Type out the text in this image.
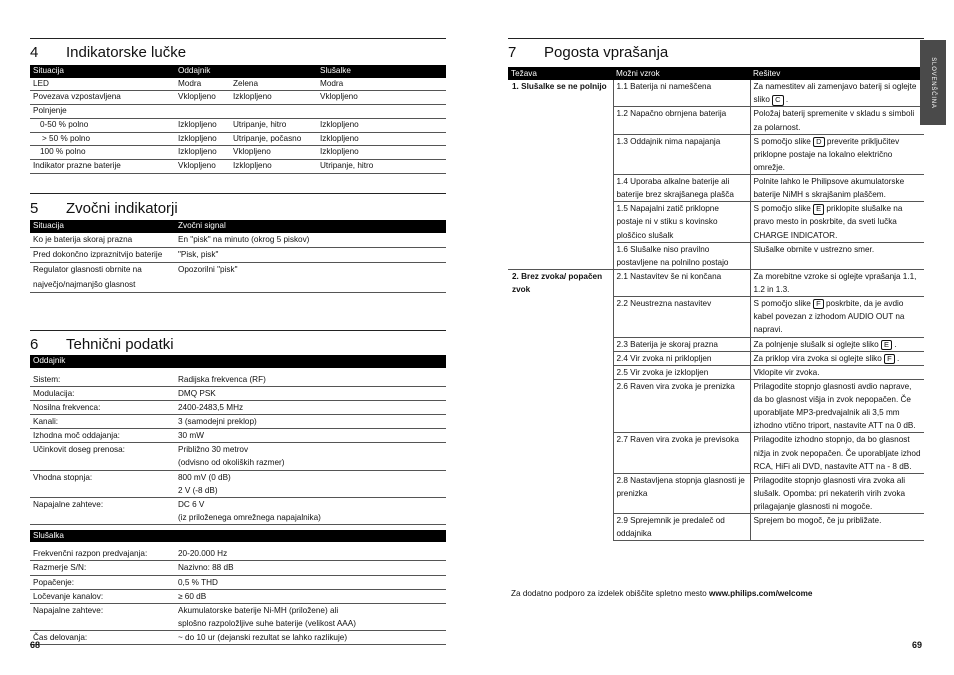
4 Indikatorske lučke
Situacija	Oddajnik		Slušalke
LED	Modra	Zelena	Modra
Povezava vzpostavljena	Vklopljeno	Izklopljeno	Vklopljeno
Polnjenje			
0-50 % polno	Izklopljeno	Utripanje, hitro	Izklopljeno
> 50 % polno	Izklopljeno	Utripanje, počasno	Izklopljeno
100 % polno	Izklopljeno	Vklopljeno	Izklopljeno
Indikator prazne baterije	Vklopljeno	Izklopljeno	Utripanje, hitro
5 Zvočni indikatorji
Situacija	Zvočni signal
Ko je baterija skoraj prazna	En "pisk" na minuto (okrog 5 piskov)
Pred dokončno izpraznitvijo baterije	"Pisk, pisk"
Regulator glasnosti obrnite na največjo/najmanjšo glasnost	Opozorilni "pisk"
6 Tehnični podatki
Oddajnik	

Sistem:	Radijska frekvenca (RF)
Modulacija:	DMQ PSK
Nosilna frekvenca:	2400-2483,5 MHz
Kanali:	3 (samodejni preklop)
Izhodna moč oddajanja:	30 mW
Učinkovit doseg prenosa:	Približno 30 metrov
(odvisno od okoliških razmer)
Vhodna stopnja:	800 mV (0 dB)
2 V (-8 dB)
Napajalne zahteve:	DC 6 V
(iz priloženega omrežnega napajalnika)

Slušalka	

Frekvenčni razpon predvajanja:	20-20.000 Hz
Razmerje S/N:	Nazivno: 88 dB
Popačenje:	0,5 % THD
Ločevanje kanalov:	≥ 60 dB
Napajalne zahteve:	Akumulatorske baterije Ni-MH (priložene) ali
splošno razpoložljive suhe baterije (velikost AAA)
Čas delovanja:	~ do 10 ur (dejanski rezultat se lahko razlikuje)
68
7 Pogosta vprašanja
Težava	Možni vzrok	Rešitev
1. Slušalke se ne polnijo	1.1 Baterija ni nameščena	Za namestitev ali zamenjavo baterij si oglejte sliko C .
	1.2 Napačno obrnjena baterija	Položaj baterij spremenite v skladu s simboli za polarnost.
	1.3 Oddajnik nima napajanja	S pomočjo slike D preverite priključitev priklopne postaje na lokalno električno omrežje.
	1.4 Uporaba alkalne baterije ali baterije brez skrajšanega plašča	Polnite lahko le Philipsove akumulatorske baterije NiMH s skrajšanim plaščem.
	1.5 Napajalni zatič priklopne postaje ni v stiku s kovinsko ploščico slušalk	S pomočjo slike E priklopite slušalke na pravo mesto in poskrbite, da sveti lučka CHARGE INDICATOR.
	1.6 Slušalke niso pravilno postavljene na polnilno postajo	Slušalke obrnite v ustrezno smer.
2. Brez zvoka/ popačen zvok	2.1 Nastavitev še ni končana	Za morebitne vzroke si oglejte vprašanja 1.1, 1.2 in 1.3.
	2.2 Neustrezna nastavitev	S pomočjo slike F poskrbite, da je avdio kabel povezan z izhodom AUDIO OUT na napravi.
	2.3 Baterija je skoraj prazna	Za polnjenje slušalk si oglejte sliko E .
	2.4 Vir zvoka ni priklopljen	Za priklop vira zvoka si oglejte sliko F .
	2.5 Vir zvoka je izklopljen	Vklopite vir zvoka.
	2.6 Raven vira zvoka je prenizka	Prilagodite stopnjo glasnosti avdio naprave, da bo glasnost višja in zvok nepopačen. Če uporabljate MP3-predvajalnik ali 3,5 mm izhodno vtično triport, nastavite ATT na 0 dB.
	2.7 Raven vira zvoka je previsoka	Prilagodite izhodno stopnjo, da bo glasnost nižja in zvok nepopačen. Če uporabljate izhod RCA, HiFi ali DVD, nastavite ATT na - 8 dB.
	2.8 Nastavljena stopnja glasnosti je prenizka	Prilagodite stopnjo glasnosti vira zvoka ali slušalk. Opomba: pri nekaterih virih zvoka prilagajanje glasnosti ni mogoče.
	2.9 Sprejemnik je predaleč od oddajnika	Sprejem bo mogoč, če ju približate.
Za dodatno podporo za izdelek obiščite spletno mesto www.philips.com/welcome
SLOVENŠČINA
69
